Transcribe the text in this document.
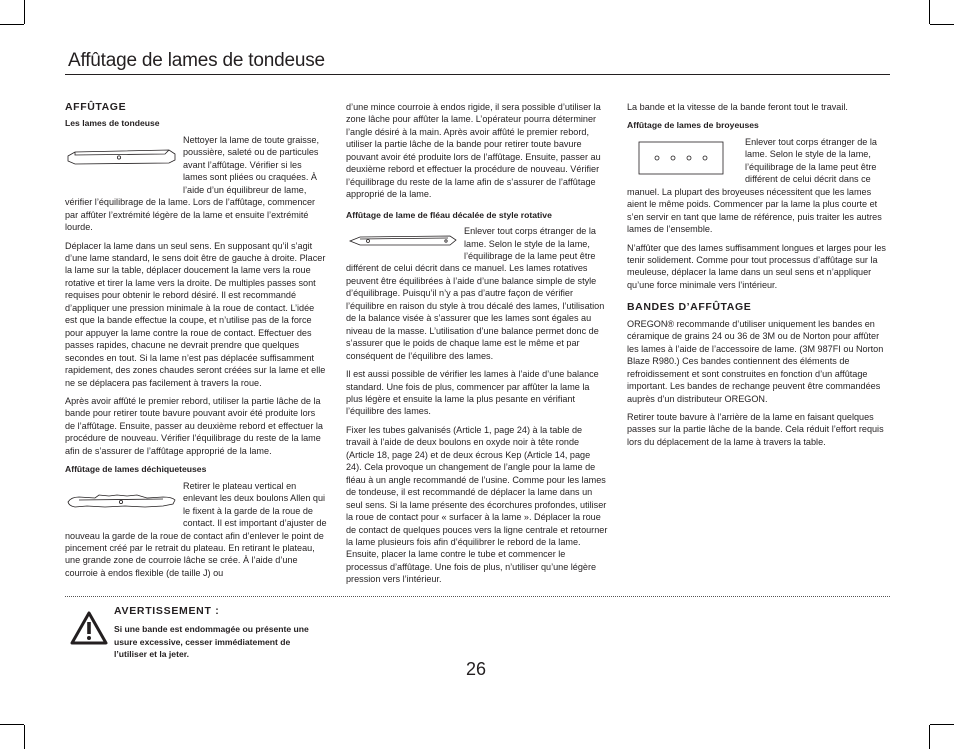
Affûtage de lames de tondeuse
AFFÛTAGE
Les lames de tondeuse

Nettoyer la lame de toute graisse, poussière, saleté ou de particules avant l’affûtage. Vérifier si les lames sont pliées ou craquées. À l’aide d’un équilibreur de lame, vérifier l’équilibrage de la lame. Lors de l’affûtage, commencer par affûter l’extrémité légère de la lame et ensuite l’extrémité lourde.

Déplacer la lame dans un seul sens. En supposant qu’il s’agit d’une lame standard, le sens doit être de gauche à droite. Placer la lame sur la table, déplacer doucement la lame vers la roue rotative et tirer la lame vers la droite. De multiples passes sont requises pour obtenir le rebord désiré. Il est recommandé d’appliquer une pression minimale à la roue de contact. L’idée est que la bande effectue la coupe, et n’utilise pas de la force pour appuyer la lame contre la roue de contact. Effectuer des passes rapides, chacune ne devrait prendre que quelques secondes en tout. Si la lame n’est pas déplacée suffisamment rapidement, des zones chaudes seront créées sur la lame et elle ne se déplacera pas facilement à travers la roue.

Après avoir affûté le premier rebord, utiliser la partie lâche de la bande pour retirer toute bavure pouvant avoir été produite lors de l’affûtage. Ensuite, passer au deuxième rebord et effectuer la procédure de nouveau. Vérifier l’équilibrage du reste de la lame afin de s’assurer de l’affûtage approprié de la lame.

Affûtage de lames déchiqueteuses

Retirer le plateau vertical en enlevant les deux boulons Allen qui le fixent à la garde de la roue de contact. Il est important d’ajuster de nouveau la garde de la roue de contact afin d’enlever le point de pincement créé par le retrait du plateau. En retirant le plateau, une grande zone de courroie lâche se crée. À l’aide d’une courroie à endos flexible (de taille J) ou

d’une mince courroie à endos rigide, il sera possible d’utiliser la zone lâche pour affûter la lame. L’opérateur pourra déterminer l’angle désiré à la main. Après avoir affûté le premier rebord, utiliser la partie lâche de la bande pour retirer toute bavure pouvant avoir été produite lors de l’affûtage. Ensuite, passer au deuxième rebord et effectuer la procédure de nouveau. Vérifier l’équilibrage du reste de la lame afin de s’assurer de l’affûtage approprié de la lame.

Affûtage de lame de fléau décalée de style rotative

Enlever tout corps étranger de la lame. Selon le style de la lame, l’équilibrage de la lame peut être différent de celui décrit dans ce manuel. Les lames rotatives peuvent être équilibrées à l’aide d’une balance simple de style d’équilibrage. Puisqu’il n’y a pas d’autre façon de vérifier l’équilibre en raison du style à trou décalé des lames, l’utilisation de la balance visée à s’assurer que les lames sont égales au niveau de la masse. L’utilisation d’une balance permet donc de s’assurer que le poids de chaque lame est le même et par conséquent de l’équilibre des lames.

Il est aussi possible de vérifier les lames à l’aide d’une balance standard. Une fois de plus, commencer par affûter la lame la plus légère et ensuite la lame la plus pesante en vérifiant l’équilibre des lames.

Fixer les tubes galvanisés (Article 1, page 24) à la table de travail à l’aide de deux boulons en oxyde noir à tête ronde (Article 18, page 24) et de deux écrous Kep (Article 14, page 24). Cela provoque un changement de l’angle pour la lame de fléau à un angle recommandé de l’usine. Comme pour les lames de tondeuse, il est recommandé de déplacer la lame dans un seul sens. Si la lame présente des écorchures profondes, utiliser la roue de contact pour « surfacer à la lame ». Déplacer la roue de contact de quelques pouces vers la ligne centrale et retourner la lame plusieurs fois afin d’équilibrer le rebord de la lame. Ensuite, placer la lame contre le tube et commencer le processus d’affûtage. Une fois de plus, n’utiliser qu’une légère pression vers l’intérieur.

La bande et la vitesse de la bande feront tout le travail.

Affûtage de lames de broyeuses

Enlever tout corps étranger de la lame. Selon le style de la lame, l’équilibrage de la lame peut être différent de celui décrit dans ce manuel. La plupart des broyeuses nécessitent que les lames aient le même poids. Commencer par la lame la plus courte et s’en servir en tant que lame de référence, puis traiter les autres lames de l’ensemble.

N’affûter que des lames suffisamment longues et larges pour les tenir solidement. Comme pour tout processus d’affûtage sur la meuleuse, déplacer la lame dans un seul sens et n’appliquer qu’une force minimale vers l’intérieur.

BANDES D’AFFÛTAGE

OREGON® recommande d’utiliser uniquement les bandes en céramique de grains 24 ou 36 de 3M ou de Norton pour affûter les lames à l’aide de l’accessoire de lame. (3M 987FI ou Norton Blaze R980.) Ces bandes contiennent des éléments de refroidissement et sont construites en fonction d’un affûtage important. Les bandes de rechange peuvent être commandées auprès d’un distributeur OREGON.

Retirer toute bavure à l’arrière de la lame en faisant quelques passes sur la partie lâche de la bande. Cela réduit l’effort requis lors du déplacement de la lame à travers la table.

AVERTISSEMENT :
Si une bande est endommagée ou présente une usure excessive, cesser immédiatement de l’utiliser et la jeter.
26
